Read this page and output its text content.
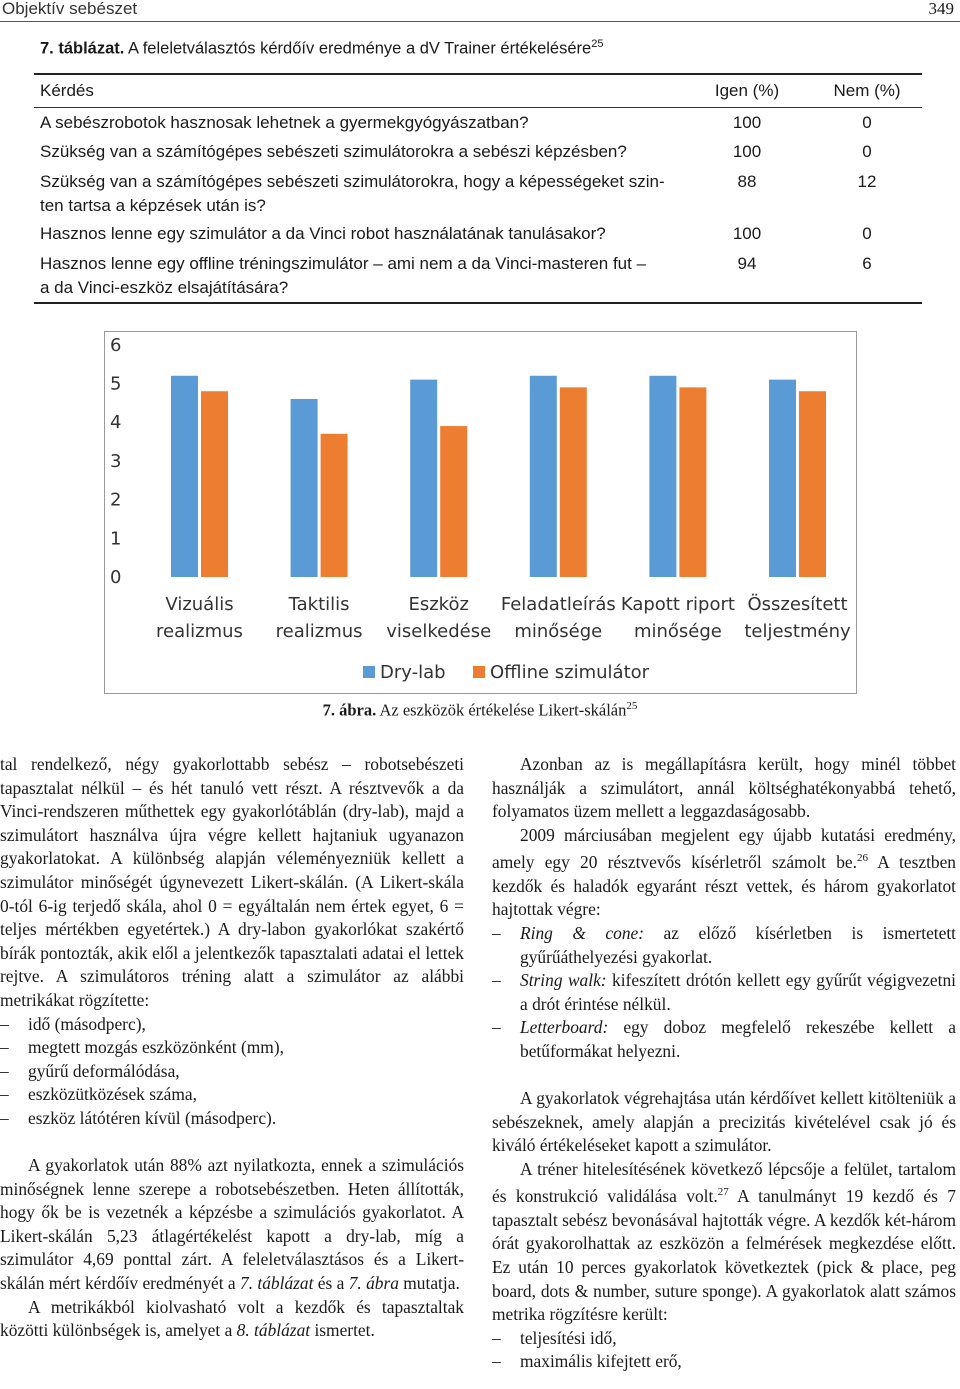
Objektív sebészet	349
7. táblázat. A feleletválasztós kérdőív eredménye a dV Trainer értékelésére$^{25}$
Kérdés	Igen (%)	Nem (%)
A sebészrobotok hasznosak lehetnek a gyermekgyógyászatban?	100	0
Szükség van a számítógépes sebészeti szimulátorokra a sebészi képzésben?	100	0
Szükség van a számítógépes sebészeti szimulátorokra, hogy a képességeket szin-
ten tartsa a képzések után is?
88	12
Hasznos lenne egy szimulátor a da Vinci robot használatának tanulásakor?	100	0
Hasznos lenne egy offline tréningszimulátor – ami nem a da Vinci-masteren fut –
a da Vinci-eszköz elsajátítására?
94	6
0
1
2
3
4
5
6
Vizuális
realizmus
Taktilis
realizmus
Eszköz
viselkedése
Feladatleírás
minősége
Kapott riport
minősége
Összesített
teljestmény
Dry-lab Offline szimulátor
7. ábra. Az eszközök értékelése Likert-skálán$^{25}$

tal rendelkező, négy gyakorlottabb sebész – robotsebészeti tapasztalat nélkül – és hét tanuló vett részt. A résztvevők a da Vinci-rendszeren műthettek egy gyakorlótáblán (dry-lab), majd a szimulátort használva újra végre kellett hajtaniuk ugyanazon gyakorlatokat. A különbség alapján véleményezniük kellett a szimulátor minőségét úgynevezett Likert-skálán. (A Likert-skála 0-tól 6-ig terjedő skála, ahol 0 = egyáltalán nem értek egyet, 6 = teljes mértékben egyetértek.) A dry-labon gyakorlókat szakértő bírák pontozták, akik elől a jelentkezők tapasztalati adatai el lettek rejtve. A szimulátoros tréning alatt a szimulátor az alábbi metrikákat rögzítette:

– idő (másodperc),
– megtett mozgás eszközönként (mm),
– gyűrű deformálódása,
– eszközütközések száma,
– eszköz látótéren kívül (másodperc).

A gyakorlatok után 88% azt nyilatkozta, ennek a szimulációs minőségnek lenne szerepe a robotsebészetben. Heten állították, hogy ők be is vezetnék a képzésbe a szimulációs gyakorlatot. A Likert-skálán 5,23 átlagértékelést kapott a dry-lab, míg a szimulátor 4,69 ponttal zárt. A feleletválasztásos és a Likert-skálán mért kérdőív eredményét a 7. táblázat és a 7. ábra mutatja.

A metrikákból kiolvasható volt a kezdők és tapasztaltak közötti különbségek is, amelyet a 8. táblázat ismertet.

Azonban az is megállapításra került, hogy minél többet használják a szimulátort, annál költséghatékonyabbá tehető, folyamatos üzem mellett a leggazdaságosabb.

2009 márciusában megjelent egy újabb kutatási eredmény, amely egy 20 résztvevős kísérletről számolt be.$^{26}$ A tesztben kezdők és haladók egyaránt részt vettek, és három gyakorlatot hajtottak végre:

– Ring & cone: az előző kísérletben is ismertetett gyűrűáthelyezési gyakorlat.
– String walk: kifeszített drótón kellett egy gyűrűt végigvezetni a drót érintése nélkül.
– Letterboard: egy doboz megfelelő rekeszébe kellett a betűformákat helyezni.

A gyakorlatok végrehajtása után kérdőívet kellett kitölteniük a sebészeknek, amely alapján a precizitás kivételével csak jó és kiváló értékeléseket kapott a szimulátor.

A tréner hitelesítésének következő lépcsője a felület, tartalom és konstrukció validálása volt.$^{27}$ A tanulmányt 19 kezdő és 7 tapasztalt sebész bevonásával hajtották végre. A kezdők két-három órát gyakorolhattak az eszközön a felmérések megkezdése előtt. Ez után 10 perces gyakorlatok következtek (pick & place, peg board, dots & number, suture sponge). A gyakorlatok alatt számos metrika rögzítésre került:

– teljesítési idő,
– maximális kifejtett erő,
